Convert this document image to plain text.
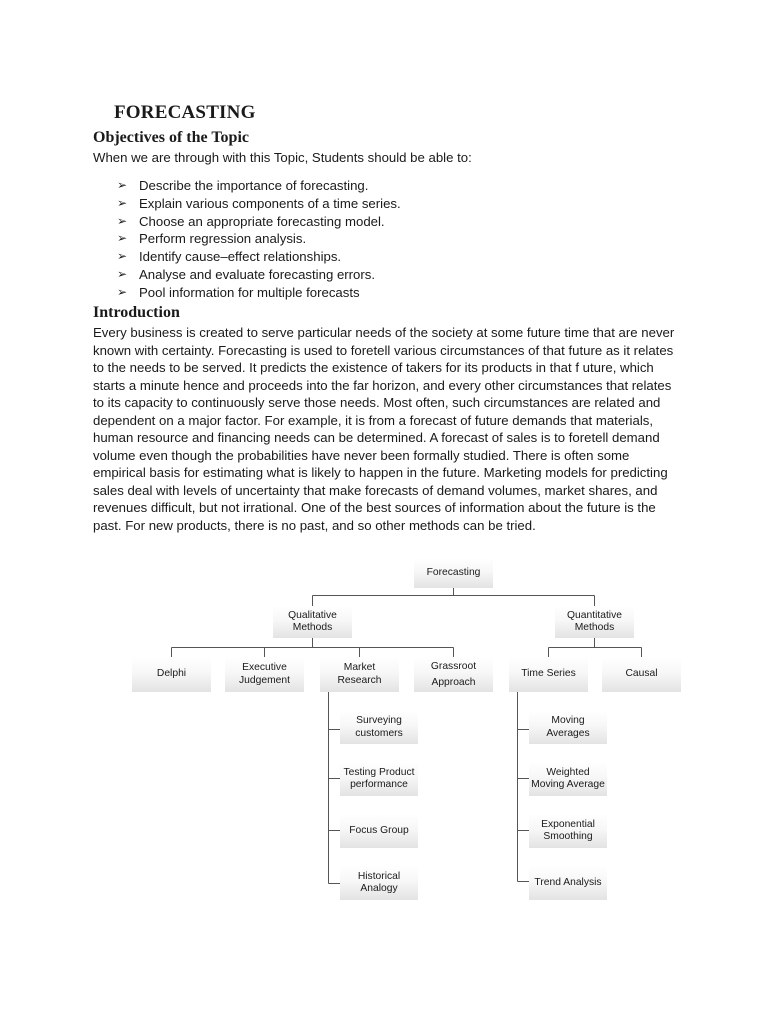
FORECASTING
Objectives of the Topic
When we are through with this Topic, Students should be able to:
➢ Describe the importance of forecasting.
➢ Explain various components of a time series.
➢ Choose an appropriate forecasting model.
➢ Perform regression analysis.
➢ Identify cause–effect relationships.
➢ Analyse and evaluate forecasting errors.
➢ Pool information for multiple forecasts
Introduction
Every business is created to serve particular needs of the society at some future time that are never
known with certainty. Forecasting is used to foretell various circumstances of that future as it relates
to the needs to be served. It predicts the existence of takers for its products in that f uture, which
starts a minute hence and proceeds into the far horizon, and every other circumstances that relates
to its capacity to continuously serve those needs. Most often, such circumstances are related and
dependent on a major factor. For example, it is from a forecast of future demands that materials,
human resource and financing needs can be determined. A forecast of sales is to foretell demand
volume even though the probabilities have never been formally studied. There is often some
empirical basis for estimating what is likely to happen in the future. Marketing models for predicting
sales deal with levels of uncertainty that make forecasts of demand volumes, market shares, and
revenues difficult, but not irrational. One of the best sources of information about the future is the
past. For new products, there is no past, and so other methods can be tried.
Forecasting
Qualitative
Methods
Quantitative
Methods
Delphi
Executive
Judgement
Market
Research
Grassroot
Approach
Time Series	Causal
Surveying
customers
Testing Product
performance
Focus Group
Historical
Analogy
Moving
Averages
Weighted
Moving Average
Exponential
Smoothing
Trend Analysis
